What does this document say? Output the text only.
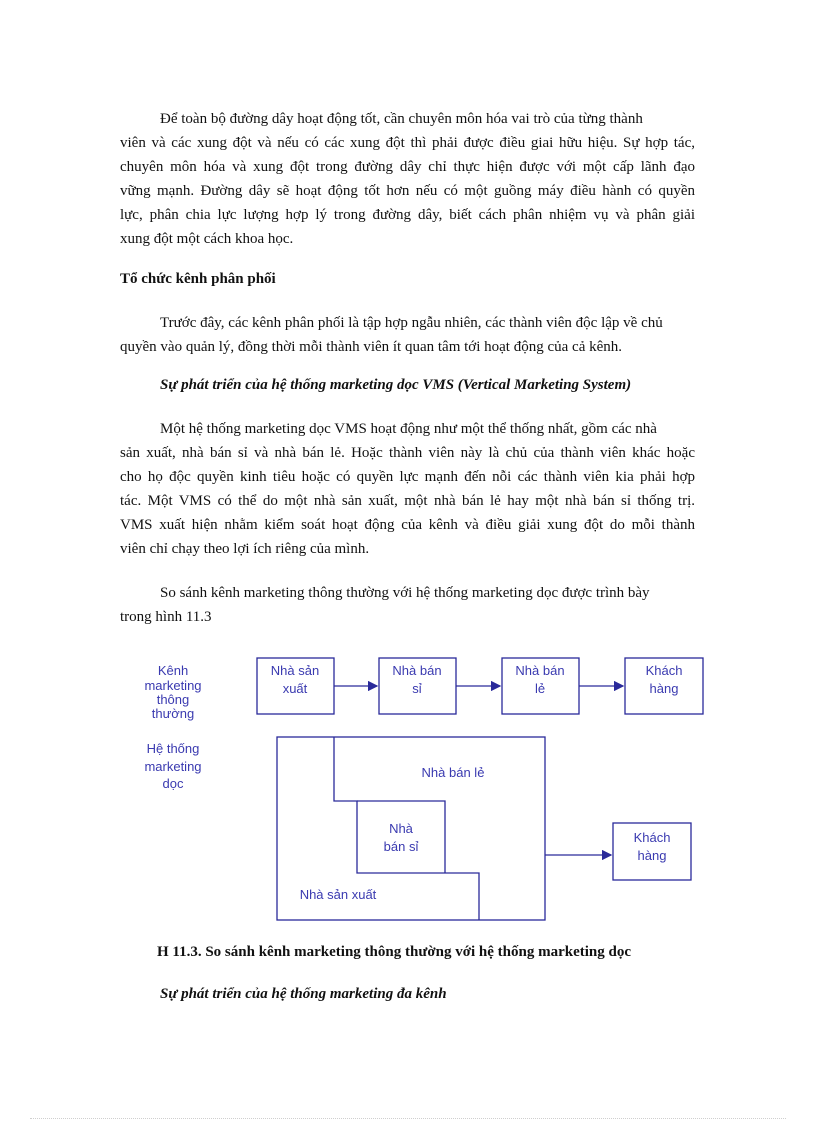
Để toàn bộ đường dây hoạt động tốt, cần chuyên môn hóa vai trò của từng thành

viên và các xung đột và nếu có các xung đột thì phải được điều giai hữu hiệu. Sự hợp tác,

chuyên môn hóa và xung đột trong đường dây chỉ thực hiện được với một cấp lãnh đạo

vững mạnh. Đường dây sẽ hoạt động tốt hơn nếu có một guồng máy điều hành có quyền

lực, phân chia lực lượng hợp lý trong đường dây, biết cách phân nhiệm vụ và phân giải

xung đột một cách khoa học.

Tổ chức kênh phân phối

Trước đây, các kênh phân phối là tập hợp ngẫu nhiên, các thành viên độc lập về chủ

quyền vào quản lý, đồng thời mỗi thành viên ít quan tâm tới hoạt động của cả kênh.

Sự phát triển của hệ thống marketing dọc VMS (Vertical Marketing System)

Một hệ thống marketing dọc VMS hoạt động như một thể thống nhất, gồm các nhà

sản xuất, nhà bán sỉ và nhà bán lẻ. Hoặc thành viên này là chủ của thành viên khác hoặc

cho họ độc quyền kinh tiêu hoặc có quyền lực mạnh đến nỗi các thành viên kia phải hợp

tác. Một VMS có thể do một nhà sản xuất, một nhà bán lẻ hay một nhà bán sỉ thống trị.

VMS xuất hiện nhằm kiểm soát hoạt động của kênh và điều giải xung đột do mỗi thành

viên chỉ chạy theo lợi ích riêng của mình.

So sánh kênh marketing thông thường với hệ thống marketing dọc được trình bày

trong hình 11.3

Kênh
marketing
thông
thường
Nhà sản
xuất
Nhà bán
sỉ
Nhà bán
lẻ
Khách
hàng
Hệ thống
marketing
dọc
Nhà bán lẻ
Nhà
bán sỉ
Nhà sản xuất
Khách
hàng

H 11.3. So sánh kênh marketing thông thường với hệ thống marketing dọc

Sự phát triển của hệ thống marketing đa kênh
